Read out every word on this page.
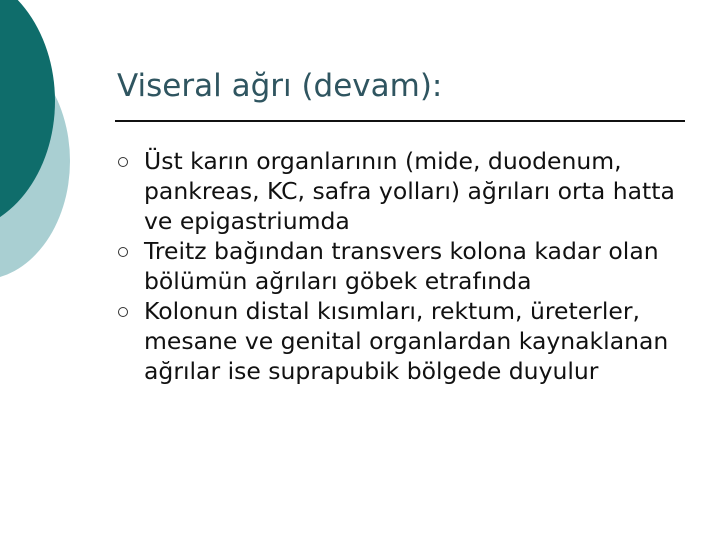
Viseral ağrı (devam):
Üst karın organlarının (mide, duodenum, pankreas, KC, safra yolları) ağrıları orta hatta ve epigastriumda
Treitz bağından transvers kolona kadar olan bölümün ağrıları göbek etrafında
Kolonun distal kısımları, rektum, üreterler, mesane ve genital organlardan kaynaklanan ağrılar ise suprapubik bölgede duyulur
